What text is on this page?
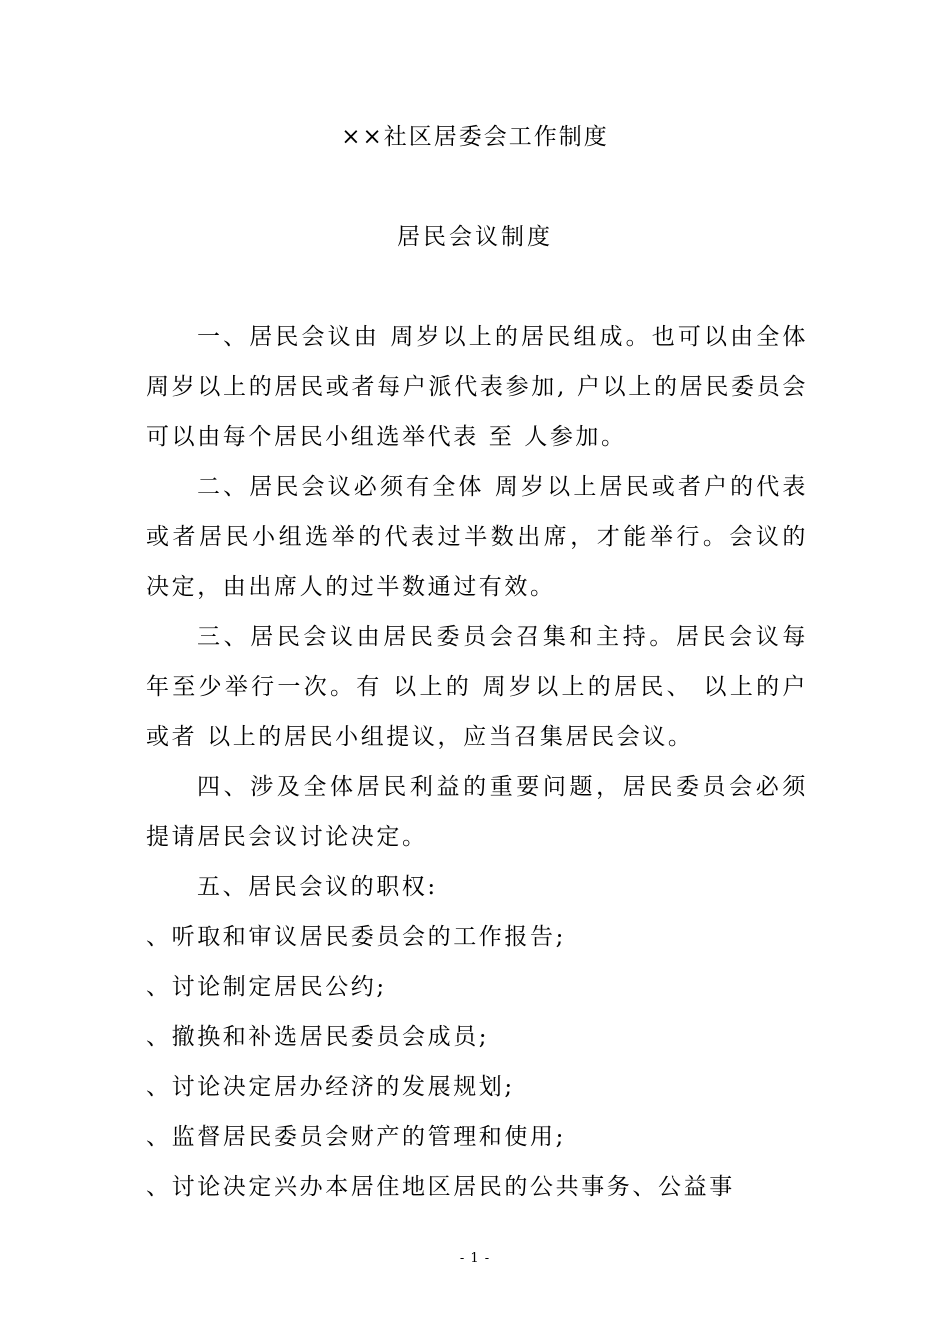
××社区居委会工作制度
居民会议制度

一、居民会议由 周岁以上的居民组成。也可以由全体 周岁以上的居民或者每户派代表参加, 户以上的居民委员会可以由每个居民小组选举代表 至 人参加。

二、居民会议必须有全体 周岁以上居民或者户的代表或者居民小组选举的代表过半数出席，才能举行。会议的决定，由出席人的过半数通过有效。

三、居民会议由居民委员会召集和主持。居民会议每年至少举行一次。有 以上的 周岁以上的居民、 以上的户或者 以上的居民小组提议，应当召集居民会议。

四、涉及全体居民利益的重要问题，居民委员会必须提请居民会议讨论决定。

五、居民会议的职权:

、听取和审议居民委员会的工作报告;

、讨论制定居民公约;

、撤换和补选居民委员会成员;

、讨论决定居办经济的发展规划;

、监督居民委员会财产的管理和使用;

、讨论决定兴办本居住地区居民的公共事务、公益事

- 1 -
